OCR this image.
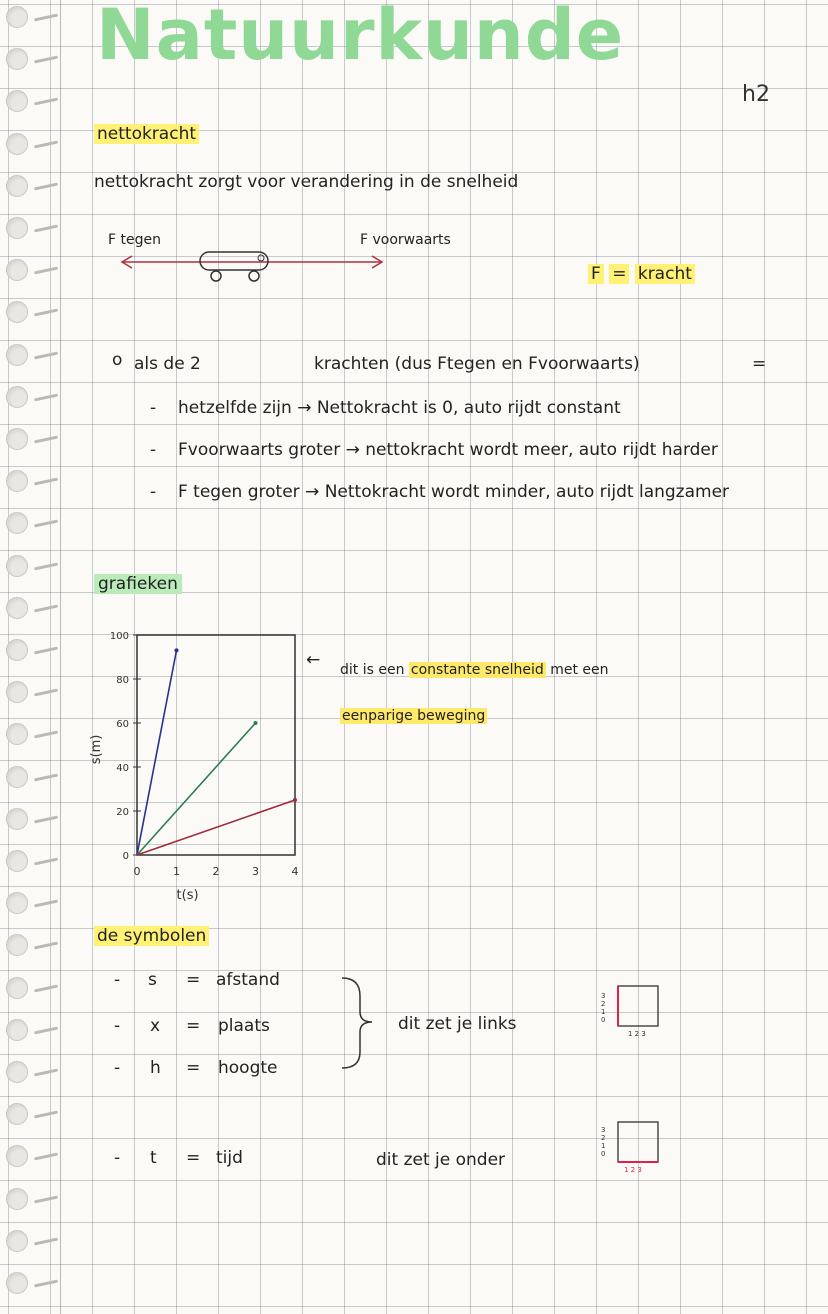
Natuurkunde
h2
nettokracht
nettokracht zorgt voor verandering in de snelheid
F tegen	F voorwaarts
F = kracht
o als de 2	krachten (dus Ftegen en Fvoorwaarts)	=
- hetzelfde zijn → Nettokracht is 0, auto rijdt constant
- Fvoorwaarts groter → nettokracht wordt meer, auto rijdt harder
- F tegen groter → Nettokracht wordt minder, auto rijdt langzamer
grafieken
0
20
40
60
80
100
0	1	2	3	4
t(s)
s(m)
← dit is een constante snelheid met een
eenparige beweging
de symbolen
- s = afstand
- x = plaats
- h = hoogte
- t = tijd
dit zet je links
dit zet je onder
3
2
1
0
1 2 3
3
2
1
0
1 2 3
